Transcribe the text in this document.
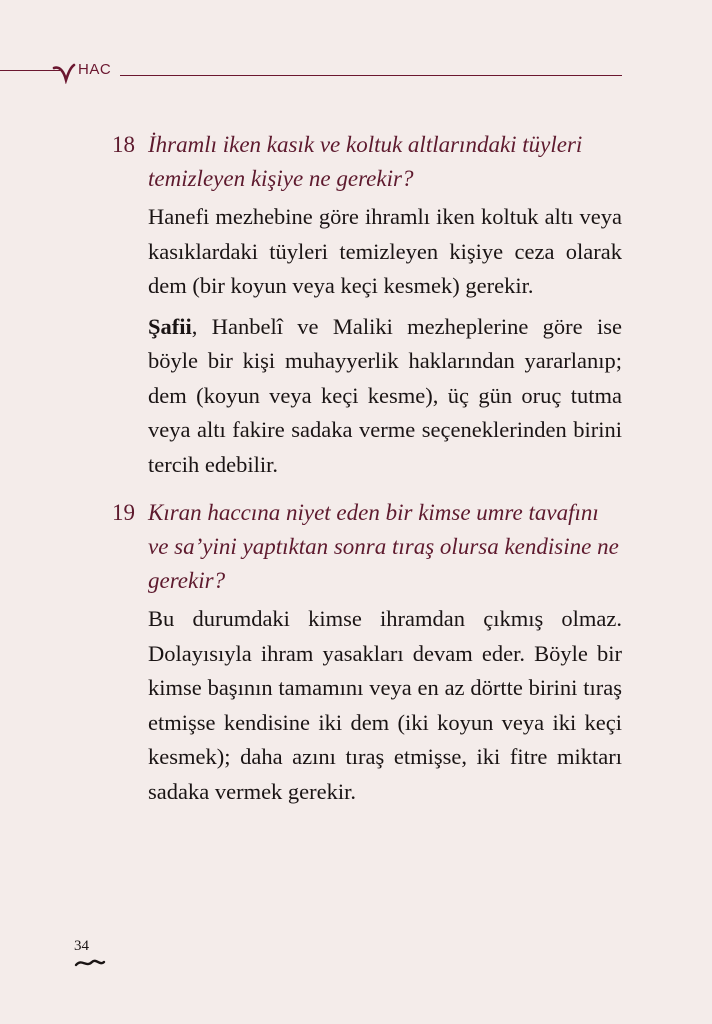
HAC

18 İhramlı iken kasık ve koltuk altlarındaki tüyleri temizleyen kişiye ne gerekir?

Hanefi mezhebine göre ihramlı iken koltuk altı veya kasıklardaki tüyleri temizleyen kişiye ceza olarak dem (bir koyun veya keçi kesmek) gerekir.

Şafii, Hanbelî ve Maliki mezheplerine göre ise böyle bir kişi muhayyerlik haklarından yararlanıp; dem (koyun veya keçi kesme), üç gün oruç tutma veya altı fakire sadaka verme seçeneklerinden birini tercih edebilir.

19 Kıran haccına niyet eden bir kimse umre tavafını ve sa’yini yaptıktan sonra tıraş olursa kendisine ne gerekir?

Bu durumdaki kimse ihramdan çıkmış olmaz. Dolayısıyla ihram yasakları devam eder. Böyle bir kimse başının tamamını veya en az dörtte birini tıraş etmişse kendisine iki dem (iki koyun veya iki keçi kesmek); daha azını tıraş etmişse, iki fitre miktarı sadaka vermek gerekir.

34
